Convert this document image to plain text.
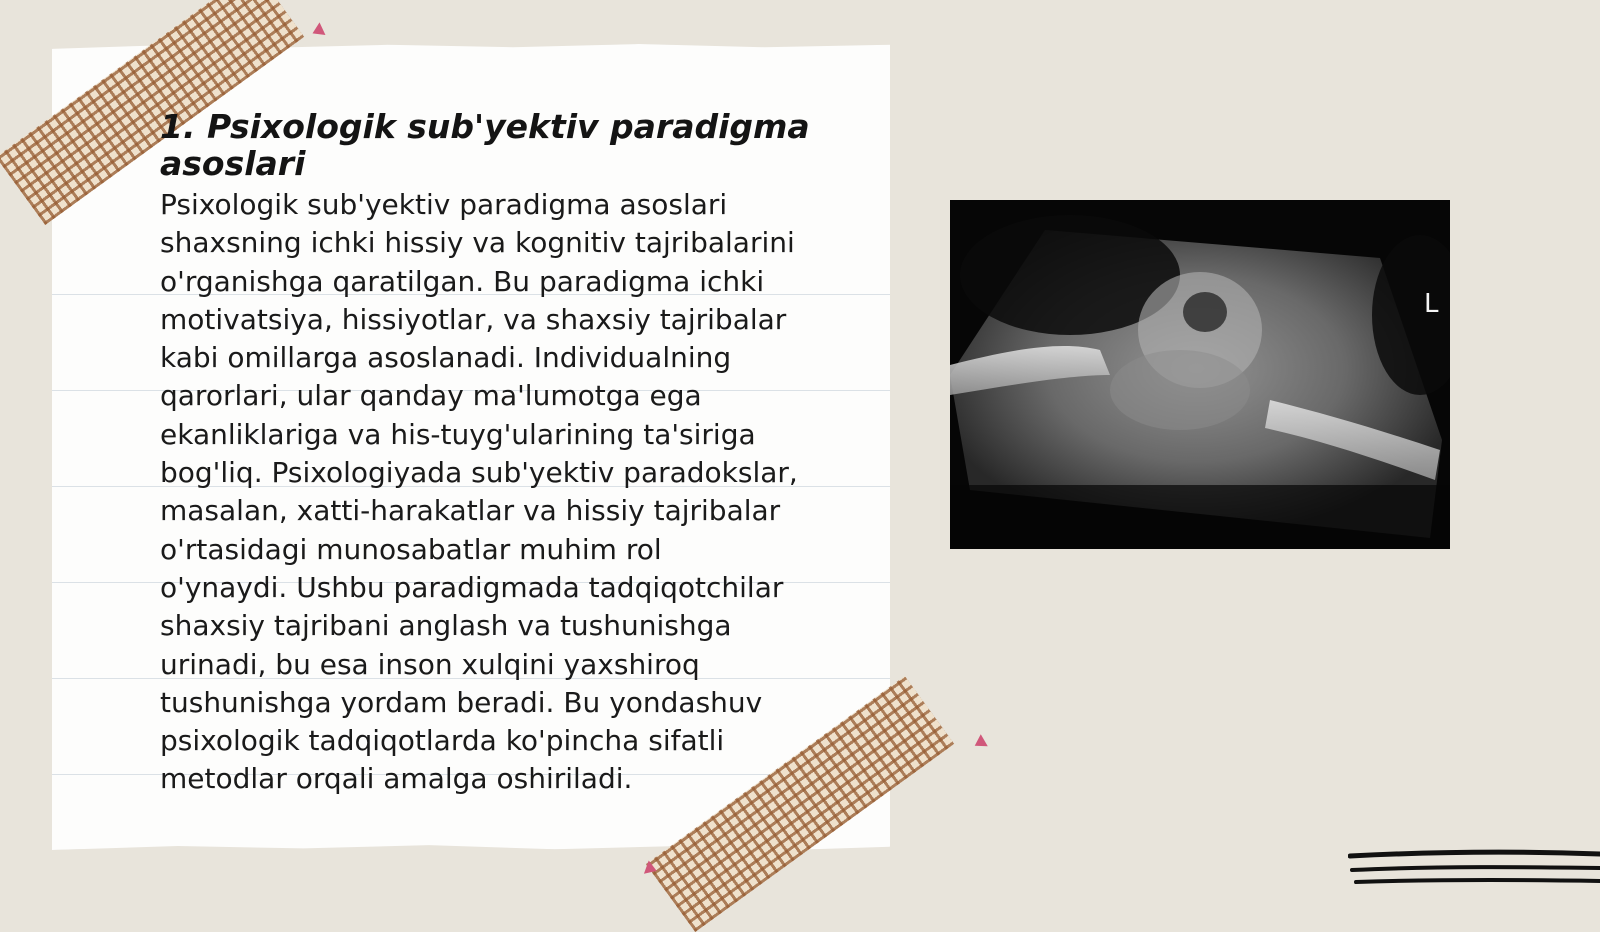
1. Psixologik sub'yektiv paradigma asoslari

Psixologik sub'yektiv paradigma asoslari
shaxsning ichki hissiy va kognitiv tajribalarini
o'rganishga qaratilgan. Bu paradigma ichki
motivatsiya, hissiyotlar, va shaxsiy tajribalar
kabi omillarga asoslanadi. Individualning
qarorlari, ular qanday ma'lumotga ega
ekanliklariga va his-tuyg'ularining ta'siriga
bog'liq. Psixologiyada sub'yektiv paradokslar,
masalan, xatti-harakatlar va hissiy tajribalar
o'rtasidagi munosabatlar muhim rol
o'ynaydi. Ushbu paradigmada tadqiqotchilar
shaxsiy tajribani anglash va tushunishga
urinadi, bu esa inson xulqini yaxshiroq
tushunishga yordam beradi. Bu yondashuv
psixologik tadqiqotlarda ko'pincha sifatli
metodlar orqali amalga oshiriladi.

L
